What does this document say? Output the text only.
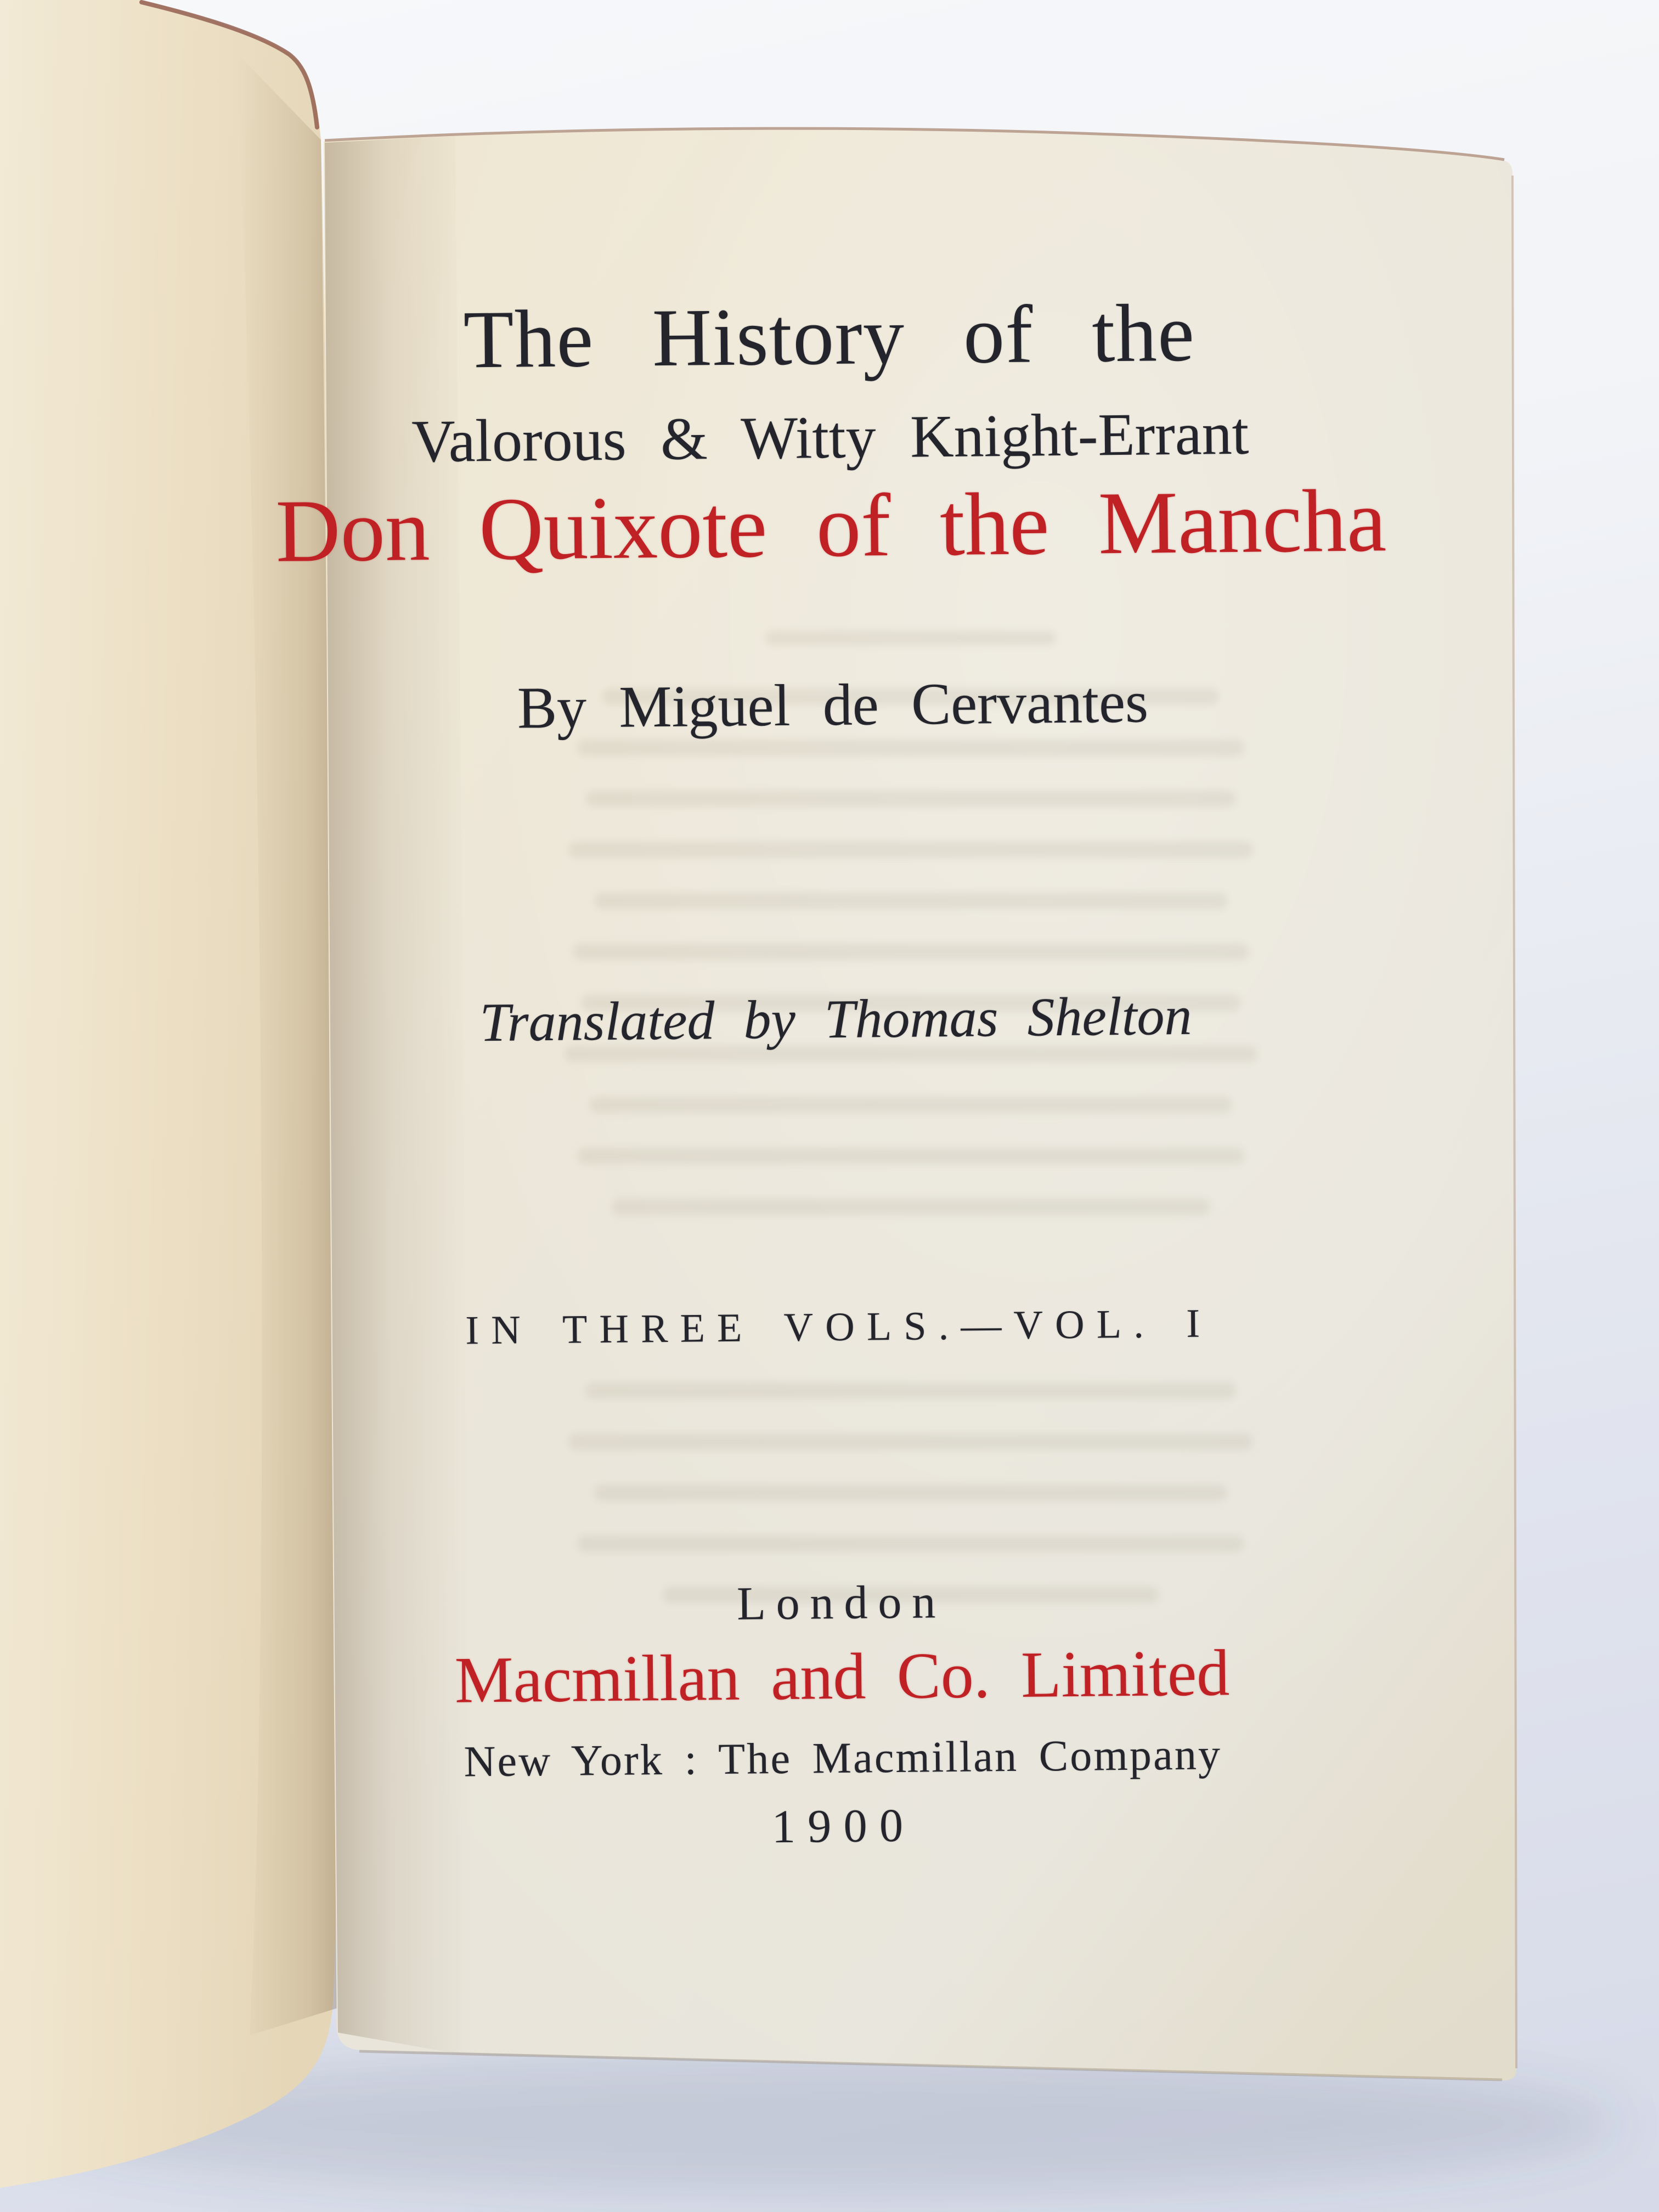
The History of the
Valorous & Witty Knight-Errant
Don Quixote of the Mancha
By Miguel de Cervantes
Translated by Thomas Shelton
IN THREE VOLS.—VOL. I
London
Macmillan and Co. Limited
New York : The Macmillan Company
1900
